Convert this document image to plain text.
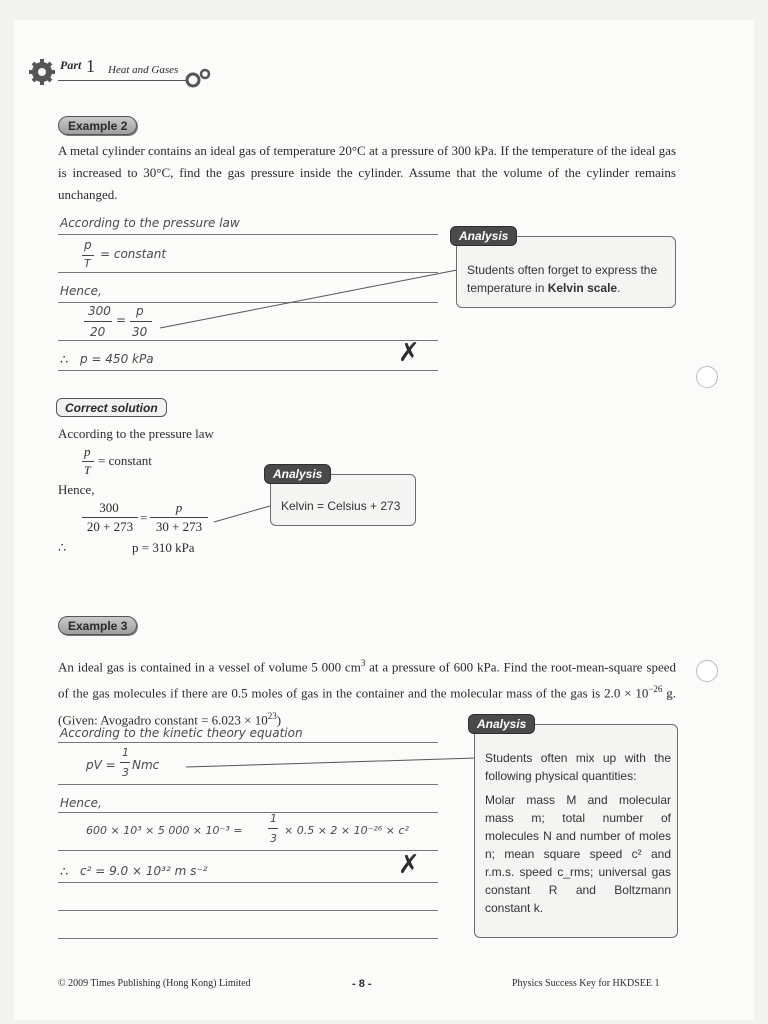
Part 1 Heat and Gases
Example 2
A metal cylinder contains an ideal gas of temperature 20°C at a pressure of 300 kPa. If the temperature of the ideal gas is increased to 30°C, find the gas pressure inside the cylinder. Assume that the volume of the cylinder remains unchanged.
According to the pressure law
p
T
= constant
Hence,
300
20
=
p
30
∴ p = 450 kPa	✗
Students often forget to express the
temperature in Kelvin scale.
Analysis
Correct solution
According to the pressure law
p
T
= constant
Hence,
300
20 + 273
=
p
30 + 273
∴	p = 310 kPa
Kelvin = Celsius + 273
Analysis
Example 3
An ideal gas is contained in a vessel of volume 5 000 $cm^3$ at a pressure of 600 kPa. Find the root-mean-square speed of the gas molecules if there are 0.5 moles of gas in the container and the molecular mass of the gas is $2.0 \times 10^{-26}$ g. (Given: Avogadro constant = $6.023 \times 10^{23}$)
According to the kinetic theory equation
pV =
1
3
Nmc
Hence,
600 × 10³ × 5 000 × 10⁻³ =
1
3
× 0.5 × 2 × 10⁻²⁶ × c²
∴ c² = 9.0 × 10³² m s⁻²	✗
Students often mix up with the following physical quantities:
Molar mass M and molecular mass m; total number of molecules N and number of moles n; mean square speed c² and r.m.s. speed c_rms; universal gas constant R and Boltzmann constant k.
Analysis
© 2009 Times Publishing (Hong Kong) Limited	- 8 -	Physics Success Key for HKDSEE 1
